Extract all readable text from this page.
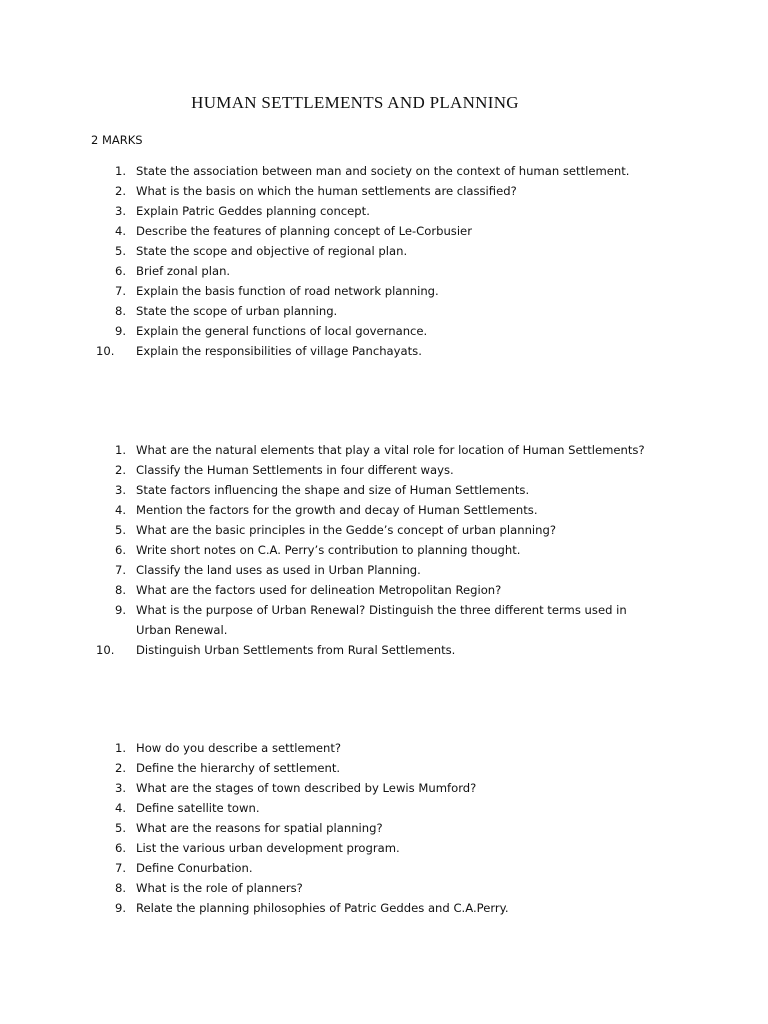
HUMAN SETTLEMENTS AND PLANNING
2 MARKS
1. State the association between man and society on the context of human settlement.
2. What is the basis on which the human settlements are classified?
3. Explain Patric Geddes planning concept.
4. Describe the features of planning concept of Le-Corbusier
5. State the scope and objective of regional plan.
6. Brief zonal plan.
7. Explain the basis function of road network planning.
8. State the scope of urban planning.
9. Explain the general functions of local governance.
10.	Explain the responsibilities of village Panchayats.
1. What are the natural elements that play a vital role for location of Human Settlements?
2. Classify the Human Settlements in four different ways.
3. State factors influencing the shape and size of Human Settlements.
4. Mention the factors for the growth and decay of Human Settlements.
5. What are the basic principles in the Gedde’s concept of urban planning?
6. Write short notes on C.A. Perry’s contribution to planning thought.
7. Classify the land uses as used in Urban Planning.
8. What are the factors used for delineation Metropolitan Region?
9. What is the purpose of Urban Renewal? Distinguish the three different terms used in Urban Renewal.
10.	Distinguish Urban Settlements from Rural Settlements.
1. How do you describe a settlement?
2. Define the hierarchy of settlement.
3. What are the stages of town described by Lewis Mumford?
4. Define satellite town.
5. What are the reasons for spatial planning?
6. List the various urban development program.
7. Define Conurbation.
8. What is the role of planners?
9. Relate the planning philosophies of Patric Geddes and C.A.Perry.
